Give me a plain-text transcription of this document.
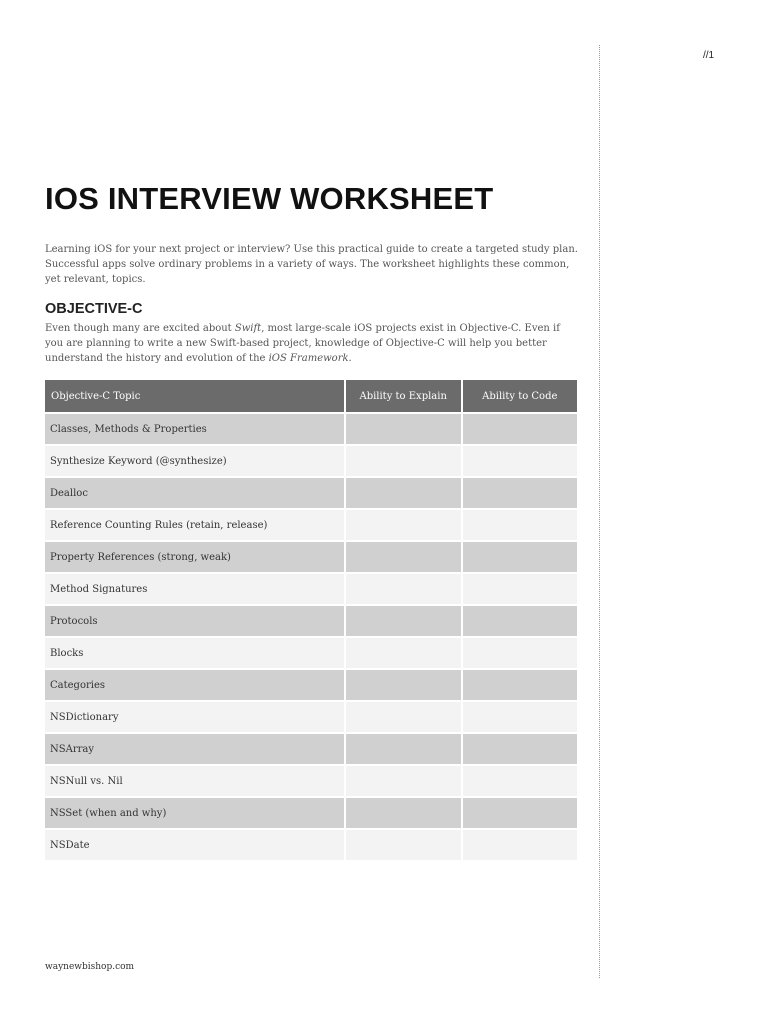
//1
IOS INTERVIEW WORKSHEET

Learning iOS for your next project or interview? Use this practical guide to create a targeted study plan. Successful apps solve ordinary problems in a variety of ways. The worksheet highlights these common, yet relevant, topics.

OBJECTIVE-C

Even though many are excited about Swift, most large-scale iOS projects exist in Objective-C. Even if you are planning to write a new Swift-based project, knowledge of Objective-C will help you better understand the history and evolution of the iOS Framework.

Objective-C Topic	Ability to Explain	Ability to Code
Classes, Methods & Properties		
Synthesize Keyword (@synthesize)		
Dealloc		
Reference Counting Rules (retain, release)		
Property References (strong, weak)		
Method Signatures		
Protocols		
Blocks		
Categories		
NSDictionary		
NSArray		
NSNull vs. Nil		
NSSet (when and why)		
NSDate		
waynewbishop.com
